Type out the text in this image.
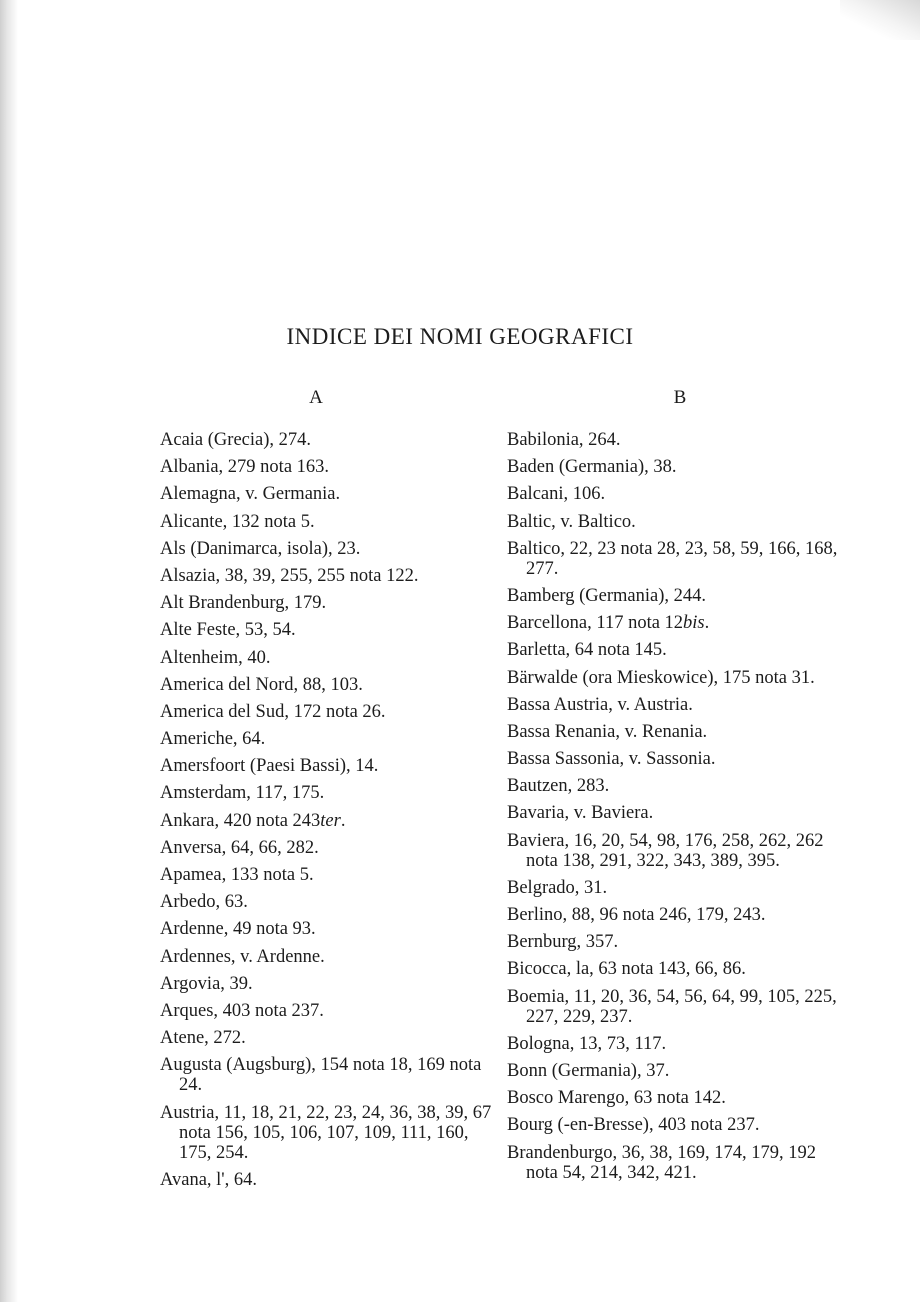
INDICE DEI NOMI GEOGRAFICI
A
Acaia (Grecia), 274.
Albania, 279 nota 163.
Alemagna, v. Germania.
Alicante, 132 nota 5.
Als (Danimarca, isola), 23.
Alsazia, 38, 39, 255, 255 nota 122.
Alt Brandenburg, 179.
Alte Feste, 53, 54.
Altenheim, 40.
America del Nord, 88, 103.
America del Sud, 172 nota 26.
Americhe, 64.
Amersfoort (Paesi Bassi), 14.
Amsterdam, 117, 175.
Ankara, 420 nota 243ter.
Anversa, 64, 66, 282.
Apamea, 133 nota 5.
Arbedo, 63.
Ardenne, 49 nota 93.
Ardennes, v. Ardenne.
Argovia, 39.
Arques, 403 nota 237.
Atene, 272.
Augusta (Augsburg), 154 nota 18, 169 nota 24.
Austria, 11, 18, 21, 22, 23, 24, 36, 38, 39, 67 nota 156, 105, 106, 107, 109, 111, 160, 175, 254.
Avana, l', 64.
B
Babilonia, 264.
Baden (Germania), 38.
Balcani, 106.
Baltic, v. Baltico.
Baltico, 22, 23 nota 28, 23, 58, 59, 166, 168, 277.
Bamberg (Germania), 244.
Barcellona, 117 nota 12bis.
Barletta, 64 nota 145.
Bärwalde (ora Mieskowice), 175 nota 31.
Bassa Austria, v. Austria.
Bassa Renania, v. Renania.
Bassa Sassonia, v. Sassonia.
Bautzen, 283.
Bavaria, v. Baviera.
Baviera, 16, 20, 54, 98, 176, 258, 262, 262 nota 138, 291, 322, 343, 389, 395.
Belgrado, 31.
Berlino, 88, 96 nota 246, 179, 243.
Bernburg, 357.
Bicocca, la, 63 nota 143, 66, 86.
Boemia, 11, 20, 36, 54, 56, 64, 99, 105, 225, 227, 229, 237.
Bologna, 13, 73, 117.
Bonn (Germania), 37.
Bosco Marengo, 63 nota 142.
Bourg (-en-Bresse), 403 nota 237.
Brandenburgo, 36, 38, 169, 174, 179, 192 nota 54, 214, 342, 421.
